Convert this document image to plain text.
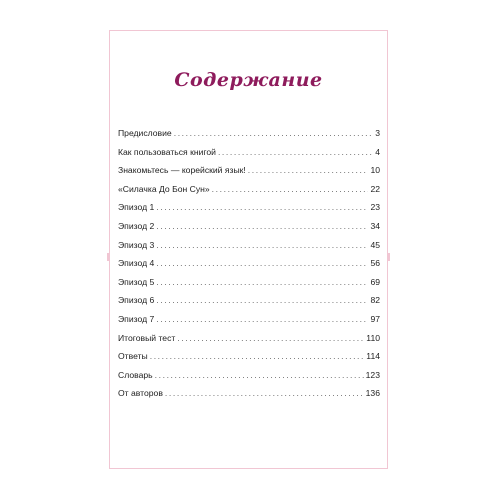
Содержание
Предисловие .....	3
Как пользоваться книгой .....	4
Знакомьтесь — корейский язык! .....	10
«Силачка До Бон Сун» .....	22
Эпизод 1 .....	23
Эпизод 2 .....	34
Эпизод 3 .....	45
Эпизод 4 .....	56
Эпизод 5 .....	69
Эпизод 6 .....	82
Эпизод 7 .....	97
Итоговый тест .....	110
Ответы .....	114
Словарь .....	123
От авторов .....	136
